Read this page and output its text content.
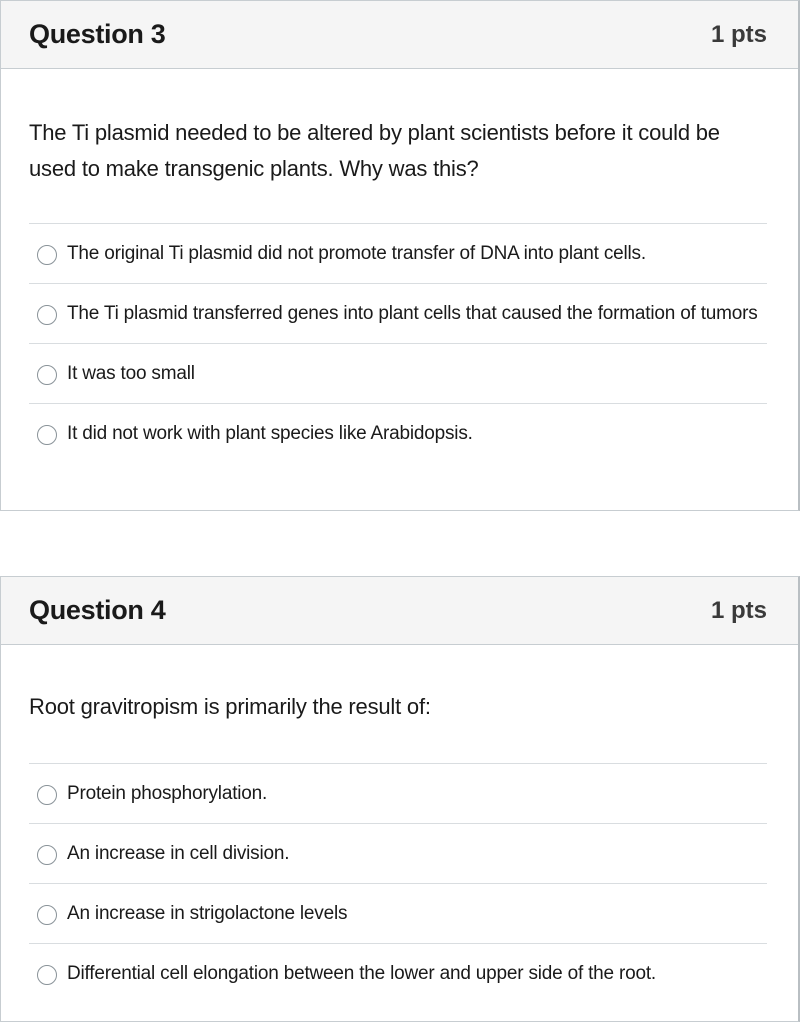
Question 3	1 pts
The Ti plasmid needed to be altered by plant scientists before it could be used to make transgenic plants. Why was this?
The original Ti plasmid did not promote transfer of DNA into plant cells.
The Ti plasmid transferred genes into plant cells that caused the formation of tumors
It was too small
It did not work with plant species like Arabidopsis.
Question 4	1 pts
Root gravitropism is primarily the result of:
Protein phosphorylation.
An increase in cell division.
An increase in strigolactone levels
Differential cell elongation between the lower and upper side of the root.
